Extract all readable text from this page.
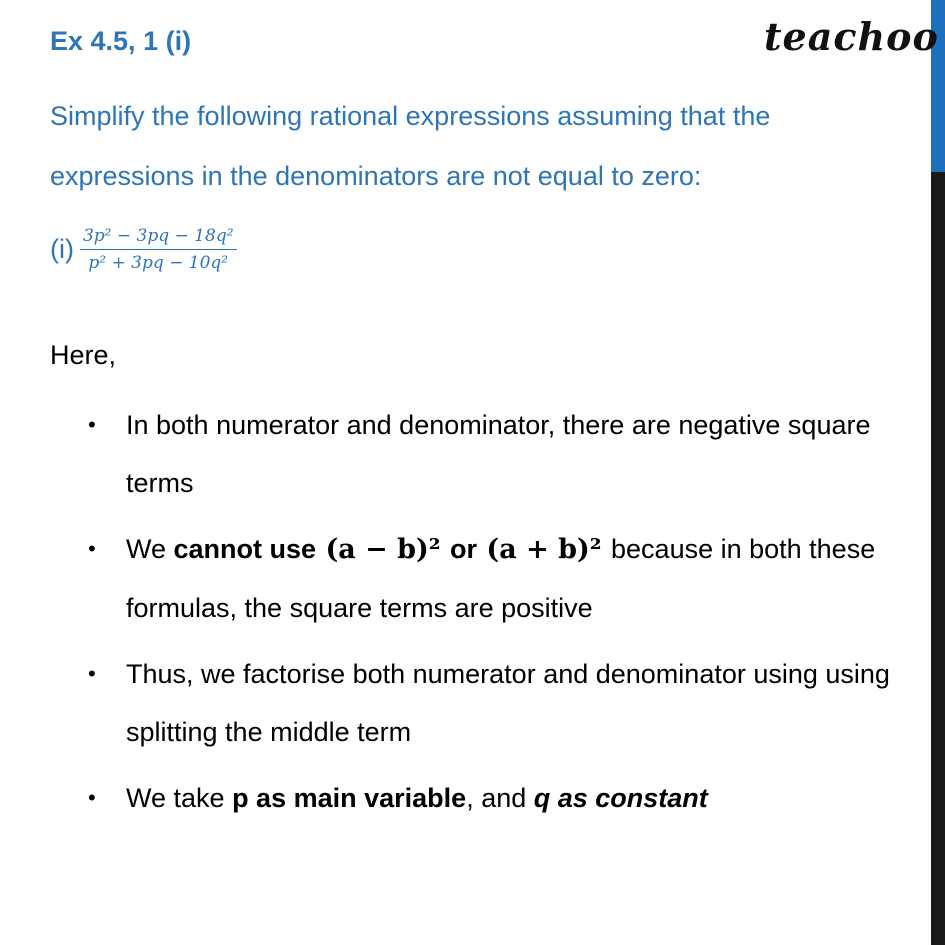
Ex 4.5, 1 (i)	teachoo
Simplify the following rational expressions assuming that the expressions in the denominators are not equal to zero:
$(i) \frac{\text{3p² − 3pq − 18q²}}{\text{p² + 3pq − 10q²}}$
Here,
• In both numerator and denominator, there are negative square terms
• We cannot use (a − b)² or (a + b)² because in both these formulas, the square terms are positive
• Thus, we factorise both numerator and denominator using using splitting the middle term
• We take p as main variable, and q as constant
